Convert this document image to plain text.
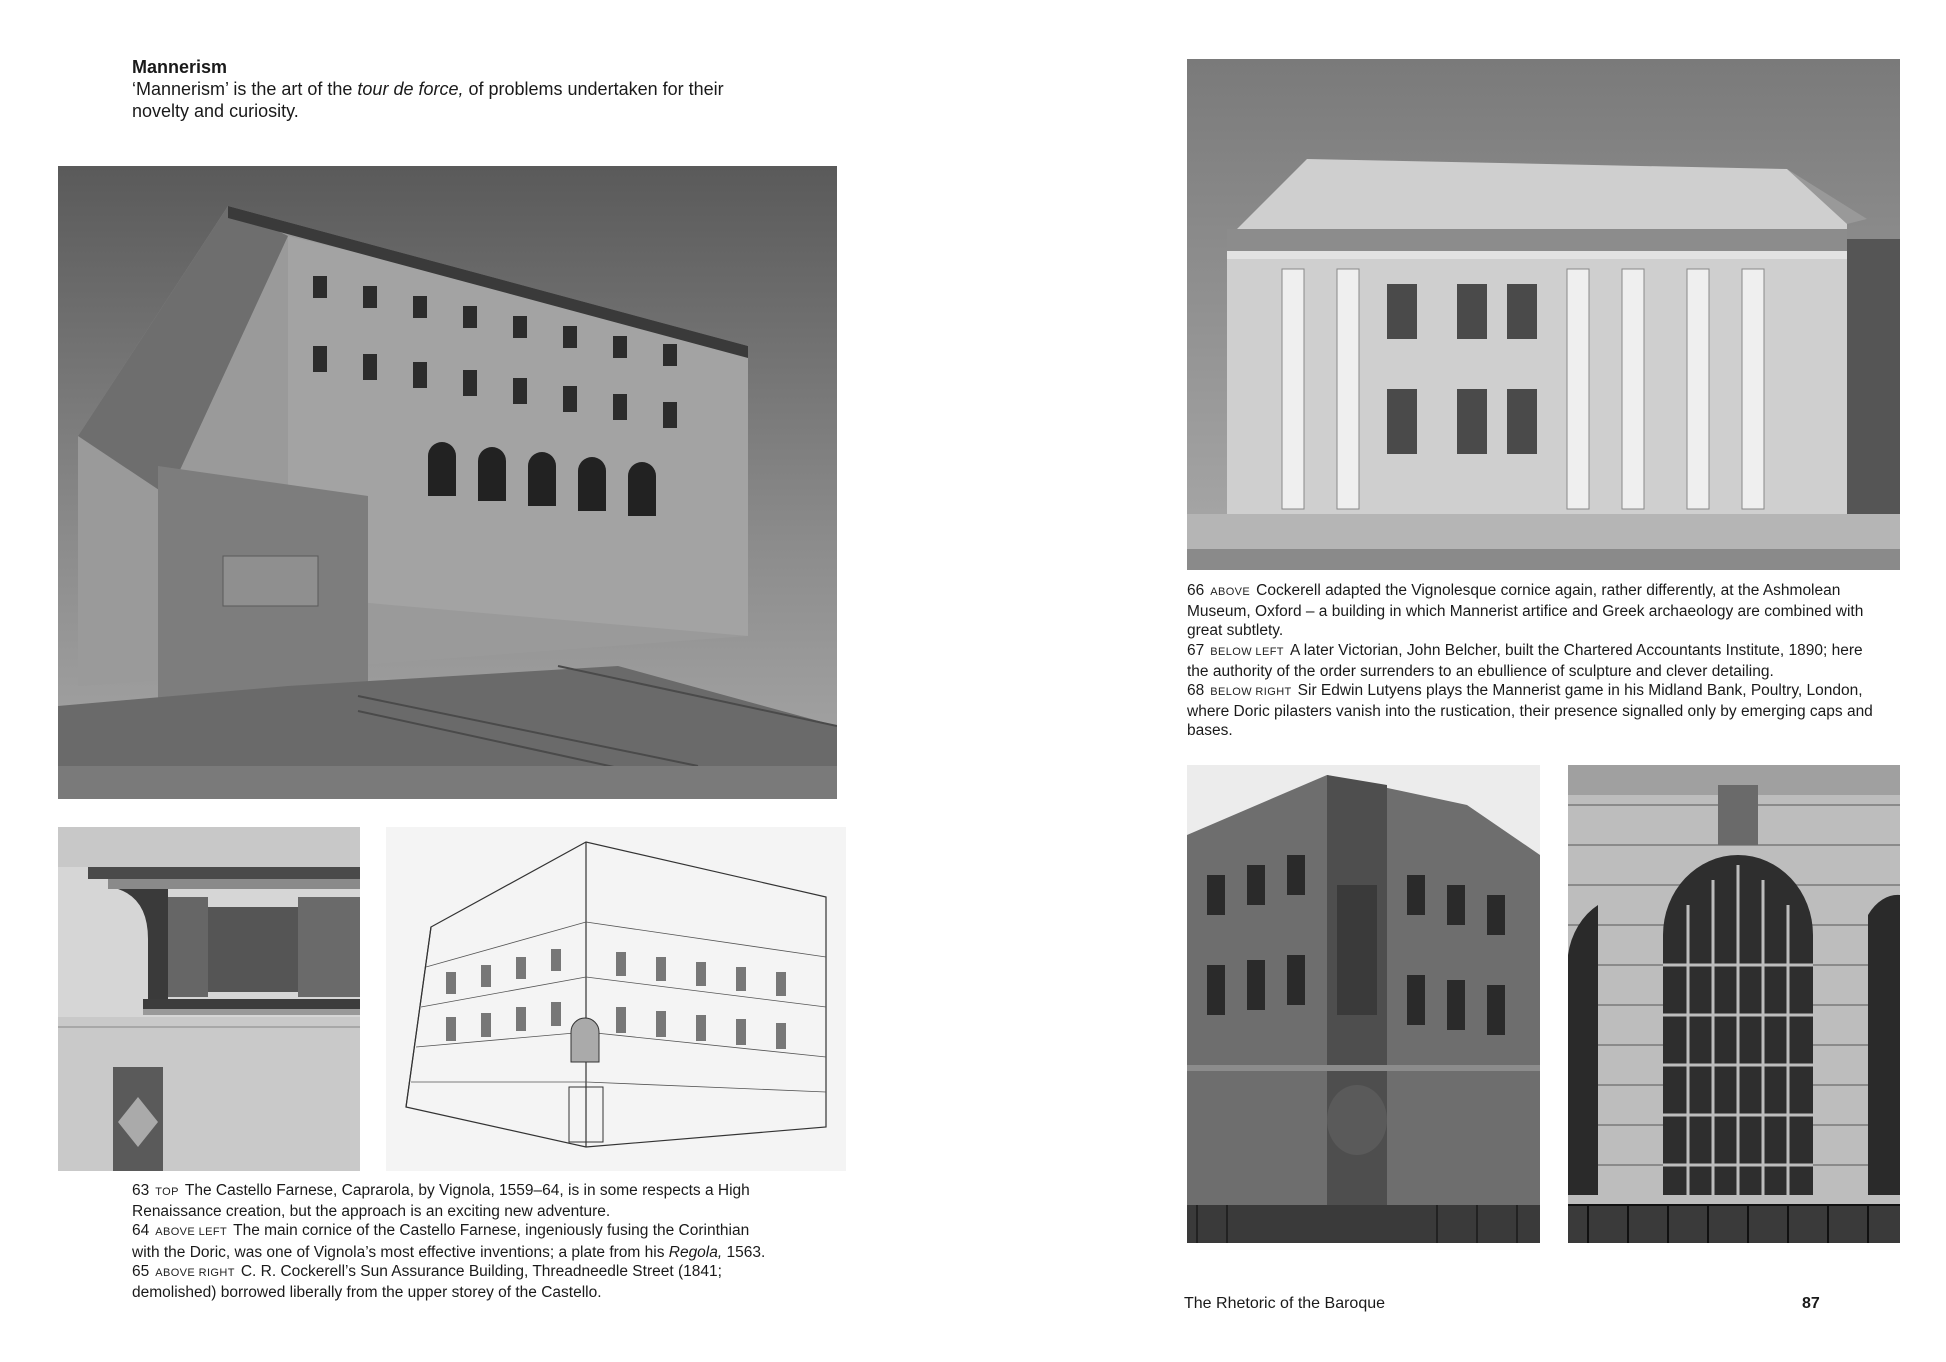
Mannerism
‘Mannerism’ is the art of the tour de force, of problems undertaken for their novelty and curiosity.

63 TOP The Castello Farnese, Caprarola, by Vignola, 1559–64, is in some respects a High Renaissance creation, but the approach is an exciting new adventure.

64 ABOVE LEFT The main cornice of the Castello Farnese, ingeniously fusing the Corinthian with the Doric, was one of Vignola’s most effective inventions; a plate from his Regola, 1563.

65 ABOVE RIGHT C. R. Cockerell’s Sun Assurance Building, Threadneedle Street (1841; demolished) borrowed liberally from the upper storey of the Castello.

66 ABOVE Cockerell adapted the Vignolesque cornice again, rather differently, at the Ashmolean Museum, Oxford – a building in which Mannerist artifice and Greek archaeology are combined with great subtlety.

67 BELOW LEFT A later Victorian, John Belcher, built the Chartered Accountants Institute, 1890; here the authority of the order surrenders to an ebullience of sculpture and clever detailing.

68 BELOW RIGHT Sir Edwin Lutyens plays the Mannerist game in his Midland Bank, Poultry, London, where Doric pilasters vanish into the rustication, their presence signalled only by emerging caps and bases.

The Rhetoric of the Baroque	87
